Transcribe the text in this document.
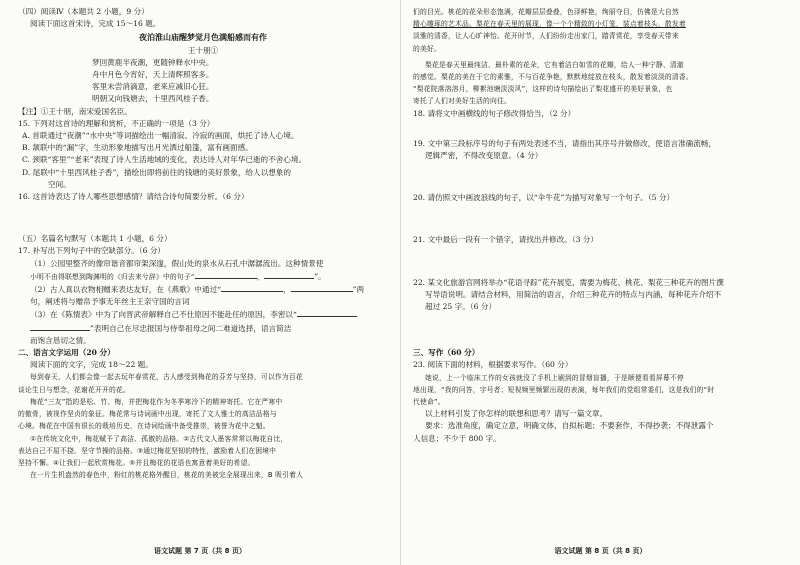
（四）阅读Ⅳ（本题共 2 小题，9 分）
阅读下面这首宋诗，完成 15～16 题。
夜泊淮山庙醒梦觉月色满船感而有作
王十朋①
梦回黄鹿半夜潮，更随钟释水中央。
舟中月色今宵好，天上清辉照客多。
客里未尝消滴意，老来应减旧心狂。
明朝又向钱塘去，十里西风桂子香。
【注】①王十朋，南宋爱国名臣。
15. 下列对这首诗的理解和赏析，不正确的一项是（3 分）
A. 首联通过“夜潮”“水中央”等词描绘出一幅清寂、冷寂的画面，烘托了诗人心境。
B. 颔联中的“漏”字，生动形象地描写出月光洒过船篷，富有画面感。
C. 颈联“客里”“老来”表现了诗人生活地域的变化，表达诗人对年华已逝的不舍心境。
D. 尾联中“十里西风桂子香”，描绘出即将前往的钱塘的美好景象，给人以想象的
空间。
16. 这首诗表达了诗人哪些思想感情？请结合诗句简要分析。（6 分）
（五）名篇名句默写（本题共 1 小题，6 分）
17. 补写出下列句子中的空缺部分。（6 分）
（1）公园里整齐的像帘谐音都帘架深邃，假山处的泉水从石孔中潺潺流出。这种情景使
小明不由得联想到陶渊明的《归去来兮辞》中的句子“	，	”。
（2）古人真以衣物相赠来表达友好，在《燕歌》中通过“	，	”两
句，阐述将与赠帛予事无年丝主王亲守国的言词
（3）在《陈情表》中为了向晋武帝解释自己不仕原因不能赴任的原因，李密以“
”表明自己在尽忠报国与侍奉祖母之间二难道选择，语言简洁
而饱含恳切之情。
二、语言文字运用（20 分）
阅读下面的文字，完成 18～22 题。
每到春天，人们都会像一起去玩年春赏花，古人感受到梅花的芬芳与坚持，可以作为百花
谈论生日与想念，花谢花开开的花。
梅花“三友”指的是松、竹、梅，并把梅花作为冬季寒冷下的精神寄托。它在严寒中
的傲骨，被视作坚贞的象征。梅花常与诗词画中出现，寄托了文人雅士的高洁品格与
心境。梅花在中国有很长的栽培历史，在诗词绘画中备受推崇，被誉为花中之魁。
①在传统文化中，梅花赋予了高洁、孤傲的品格。②古代文人墨客常常以梅花自比，
表达自己不屈不挠、坚守节操的品格。③通过梅花坚韧的特性，激励着人们在困境中
坚持不懈。④让我们一起欣赏梅花。⑤并且梅花的花语也寓意着美好的希望。
在一片生机盎然的春色中，粉红的桃花格外醒目，桃花的美被完全展现出来，B 吸引着人
语文试题 第 7 页（共 8 页）
们的目光。桃花的花朵形态饱满，花瓣层层叠叠，色泽鲜艳，绚丽夺目，仿佛是大自然
精心雕琢的艺术品。梨花在春天里的展现，像一个个精致的小灯笼，装点着枝头，散发着
淡雅的清香，让人心旷神怡。花开时节，人们纷纷走出家门，踏青赏花，享受春天带来
的美好。
梨花是春天里最纯洁、最朴素的花朵，它有着洁白如雪的花瓣，给人一种宁静、清澈
的感觉。梨花的美在于它的素雅，不与百花争艳，默默地绽放在枝头，散发着淡淡的清香。
“梨花院落溶溶月，柳絮池塘淡淡风”，这样的诗句描绘出了梨花盛开的美好景象，也
寄托了人们对美好生活的向往。
18. 请将文中画横线的句子修改得恰当，（2 分）
19. 文中第三段标序号的句子有两处表述不当，请指出其序号并做修改，使语言准确流畅，
逻辑严密，不得改变原意。（4 分）
20. 请仿照文中画波浪线的句子，以“伞牛花”为描写对象写一个句子。（5 分）
21. 文中最后一段有一个错字，请找出并修改。（3 分）
22. 某文化旅游官网将举办“花语寻踪”花卉展览，需要为梅花、桃花、梨花三种花卉的图片撰
写导语说明。请结合材料，用简洁的语言，介绍三种花卉的特点与内涵，每种花卉介绍不
超过 25 字。（6 分）
三、写作（60 分）
23. 阅读下面的材料，根据要求写作。（60 分）
她说，上一个临床工作的女孩就没了手机上刷到的冒烟盲播，于是顺便看看屏幕不停
地出现，“我的问答，字号者；短视频里频繁出现的表演，每年我们的党组常委们，这是我们的“时
代使命”。
以上材料引发了你怎样的联想和思考？请写一篇文章。
要求：选准角度，确定立意，明确文体，自拟标题；不要套作，不得抄袭；不得泄露个
人信息；不少于 800 字。
语文试题 第 8 页（共 8 页）
